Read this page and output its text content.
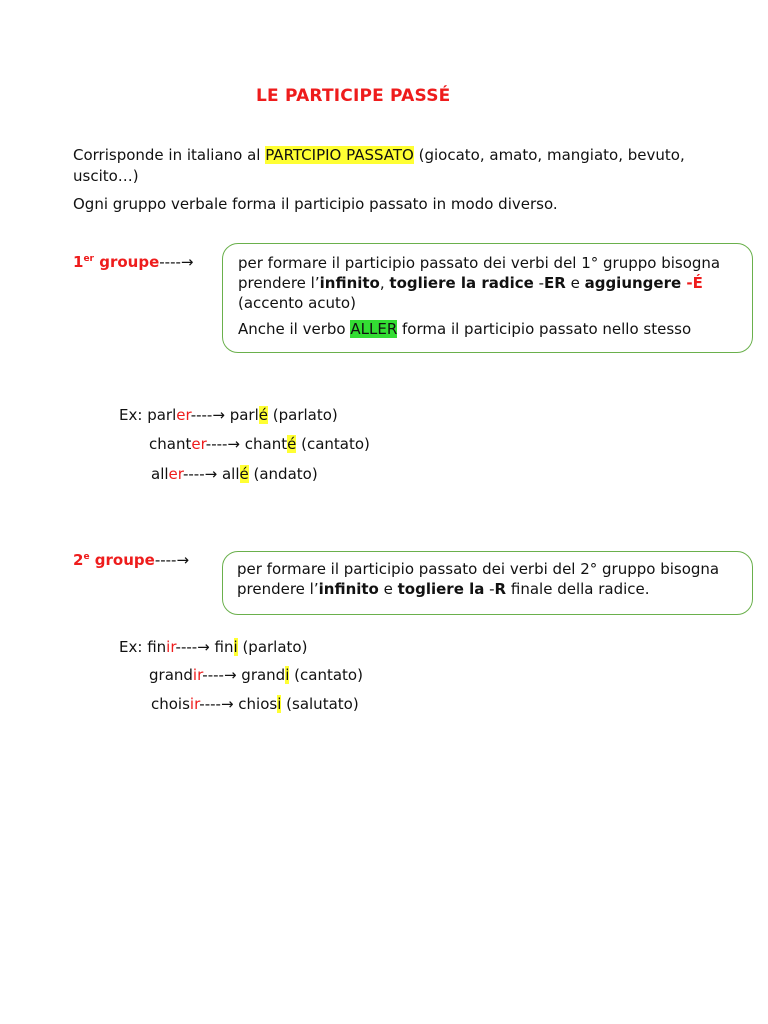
LE PARTICIPE PASSÉ
Corrisponde in italiano al PARTCIPIO PASSATO (giocato, amato, mangiato, bevuto, uscito…)
Ogni gruppo verbale forma il participio passato in modo diverso.
1er groupe----→	per formare il participio passato dei verbi del 1° gruppo bisogna prendere l’infinito, togliere la radice -ER e aggiungere -É (accento acuto)

Anche il verbo ALLER forma il participio passato nello stesso

Ex: parler----→ parlé (parlato)
chanter----→ chanté (cantato)
aller----→ allé (andato)
2e groupe----→	per formare il participio passato dei verbi del 2° gruppo bisogna prendere l’infinito e togliere la -R finale della radice.

Ex: finir----→ fini (parlato)
grandir----→ grandi (cantato)
choisir----→ chiosi (salutato)
